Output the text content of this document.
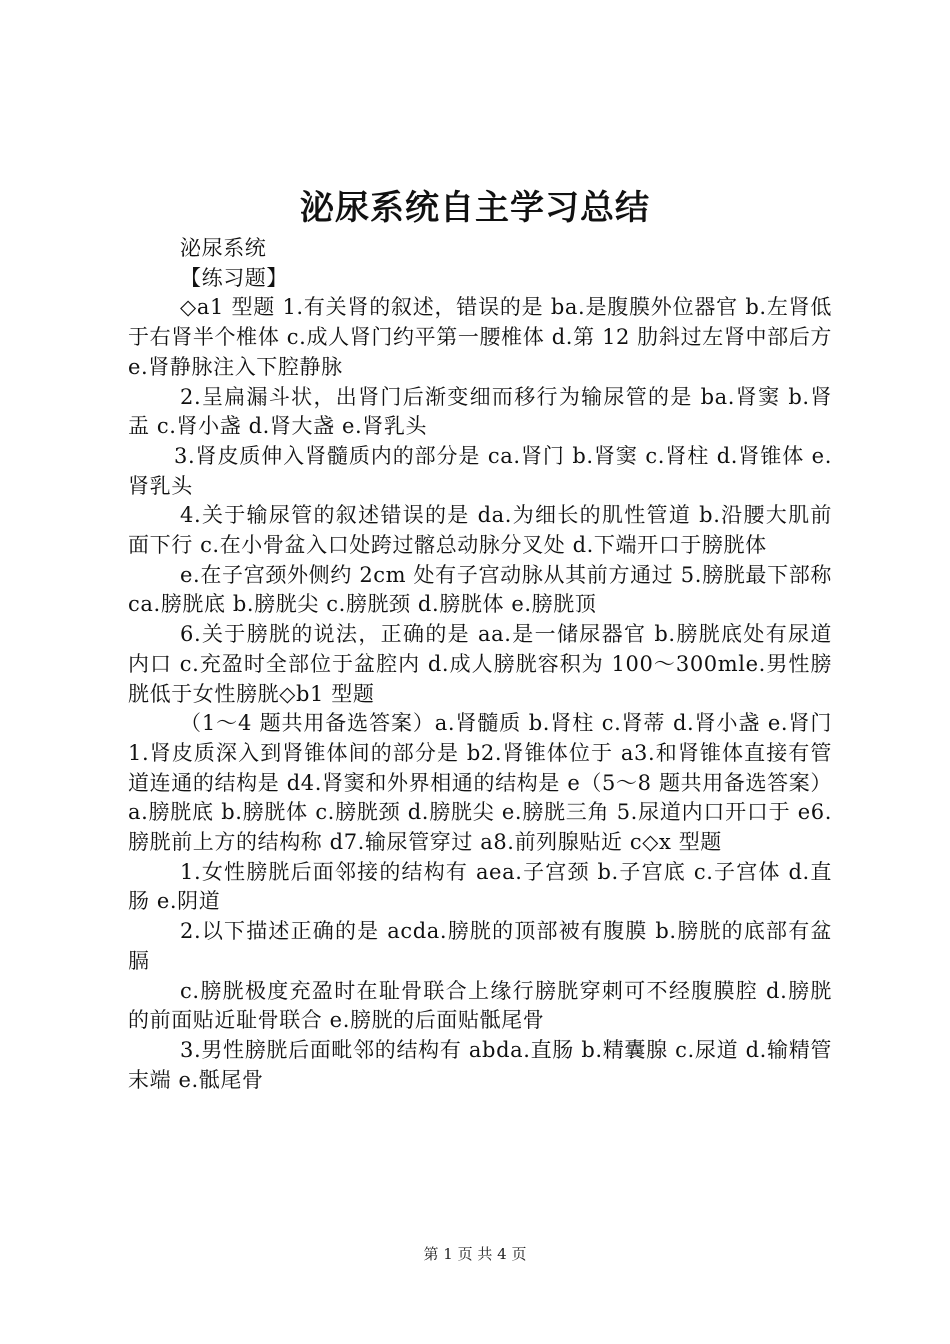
泌尿系统自主学习总结

泌尿系统

【练习题】

◇a1 型题 1.有关肾的叙述，错误的是 ba.是腹膜外位器官 b.左肾低于右肾半个椎体 c.成人肾门约平第一腰椎体 d.第 12 肋斜过左肾中部后方 e.肾静脉注入下腔静脉

2.呈扁漏斗状，出肾门后渐变细而移行为输尿管的是 ba.肾窦 b.肾盂 c.肾小盏 d.肾大盏 e.肾乳头

3.肾皮质伸入肾髓质内的部分是 ca.肾门 b.肾窦 c.肾柱 d.肾锥体 e.肾乳头

4.关于输尿管的叙述错误的是 da.为细长的肌性管道 b.沿腰大肌前面下行 c.在小骨盆入口处跨过髂总动脉分叉处 d.下端开口于膀胱体

e.在子宫颈外侧约 2cm 处有子宫动脉从其前方通过 5.膀胱最下部称 ca.膀胱底 b.膀胱尖 c.膀胱颈 d.膀胱体 e.膀胱顶

6.关于膀胱的说法，正确的是 aa.是一储尿器官 b.膀胱底处有尿道内口 c.充盈时全部位于盆腔内 d.成人膀胱容积为 100～300mle.男性膀胱低于女性膀胱◇b1 型题

（1～4 题共用备选答案）a.肾髓质 b.肾柱 c.肾蒂 d.肾小盏 e.肾门 1.肾皮质深入到肾锥体间的部分是 b2.肾锥体位于 a3.和肾锥体直接有管道连通的结构是 d4.肾窦和外界相通的结构是 e（5～8 题共用备选答案）a.膀胱底 b.膀胱体 c.膀胱颈 d.膀胱尖 e.膀胱三角 5.尿道内口开口于 e6.膀胱前上方的结构称 d7.输尿管穿过 a8.前列腺贴近 c◇x 型题

1.女性膀胱后面邻接的结构有 aea.子宫颈 b.子宫底 c.子宫体 d.直肠 e.阴道

2.以下描述正确的是 acda.膀胱的顶部被有腹膜 b.膀胱的底部有盆膈

c.膀胱极度充盈时在耻骨联合上缘行膀胱穿刺可不经腹膜腔 d.膀胱的前面贴近耻骨联合 e.膀胱的后面贴骶尾骨

3.男性膀胱后面毗邻的结构有 abda.直肠 b.精囊腺 c.尿道 d.输精管末端 e.骶尾骨

第 1 页 共 4 页
